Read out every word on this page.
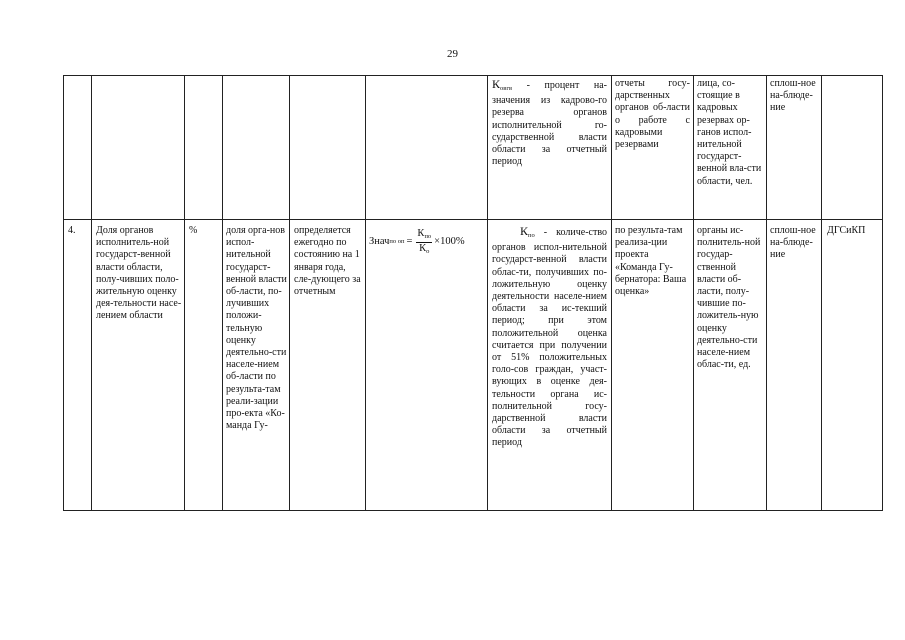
29
$К_{овгв}$ - процент на-значения из кадрово-го резерва органов исполнительной го-сударственной власти области за отчетный период
отчеты госу-дарственных органов об-ласти о работе с кадровыми резервами
лица, со-стоящие в кадровых резервах ор-ганов испол-нительной государст-венной вла-сти области, чел.
сплош-ное на-блюде-ние
4.	Доля органов исполнитель-ной государст-венной власти области, полу-чивших поло-жительную оценку дея-тельности насе-лением области
%	доля орга-нов испол-нительной государст-венной власти об-ласти, по-лучивших положи-тельную оценку деятельно-сти населе-нием об-ласти по результа-там реали-зации про-екта «Ко-манда Гу-
определяется ежегодно по состоянию на 1 января года, сле-дующего за отчетным
Знач по оп = $\frac{К_{по}}{К_о} \times 100\%$
$К_{по}$ - количе-ство органов испол-нительной государст-венной власти облас-ти, получивших по-ложительную оценку деятельности населе-нием области за ис-текший период; при этом положительной оценка считается при получении от 51% положительных голо-сов граждан, участ-вующих в оценке дея-тельности органа ис-полнительной госу-дарственной власти области за отчетный период
по результа-там реализа-ции проекта «Команда Гу-бернатора: Ваша оценка»
органы ис-полнитель-ной государ-ственной власти об-ласти, полу-чившие по-ложитель-ную оценку деятельно-сти населе-нием облас-ти, ед.
сплош-ное на-блюде-ние
ДГСиКП
